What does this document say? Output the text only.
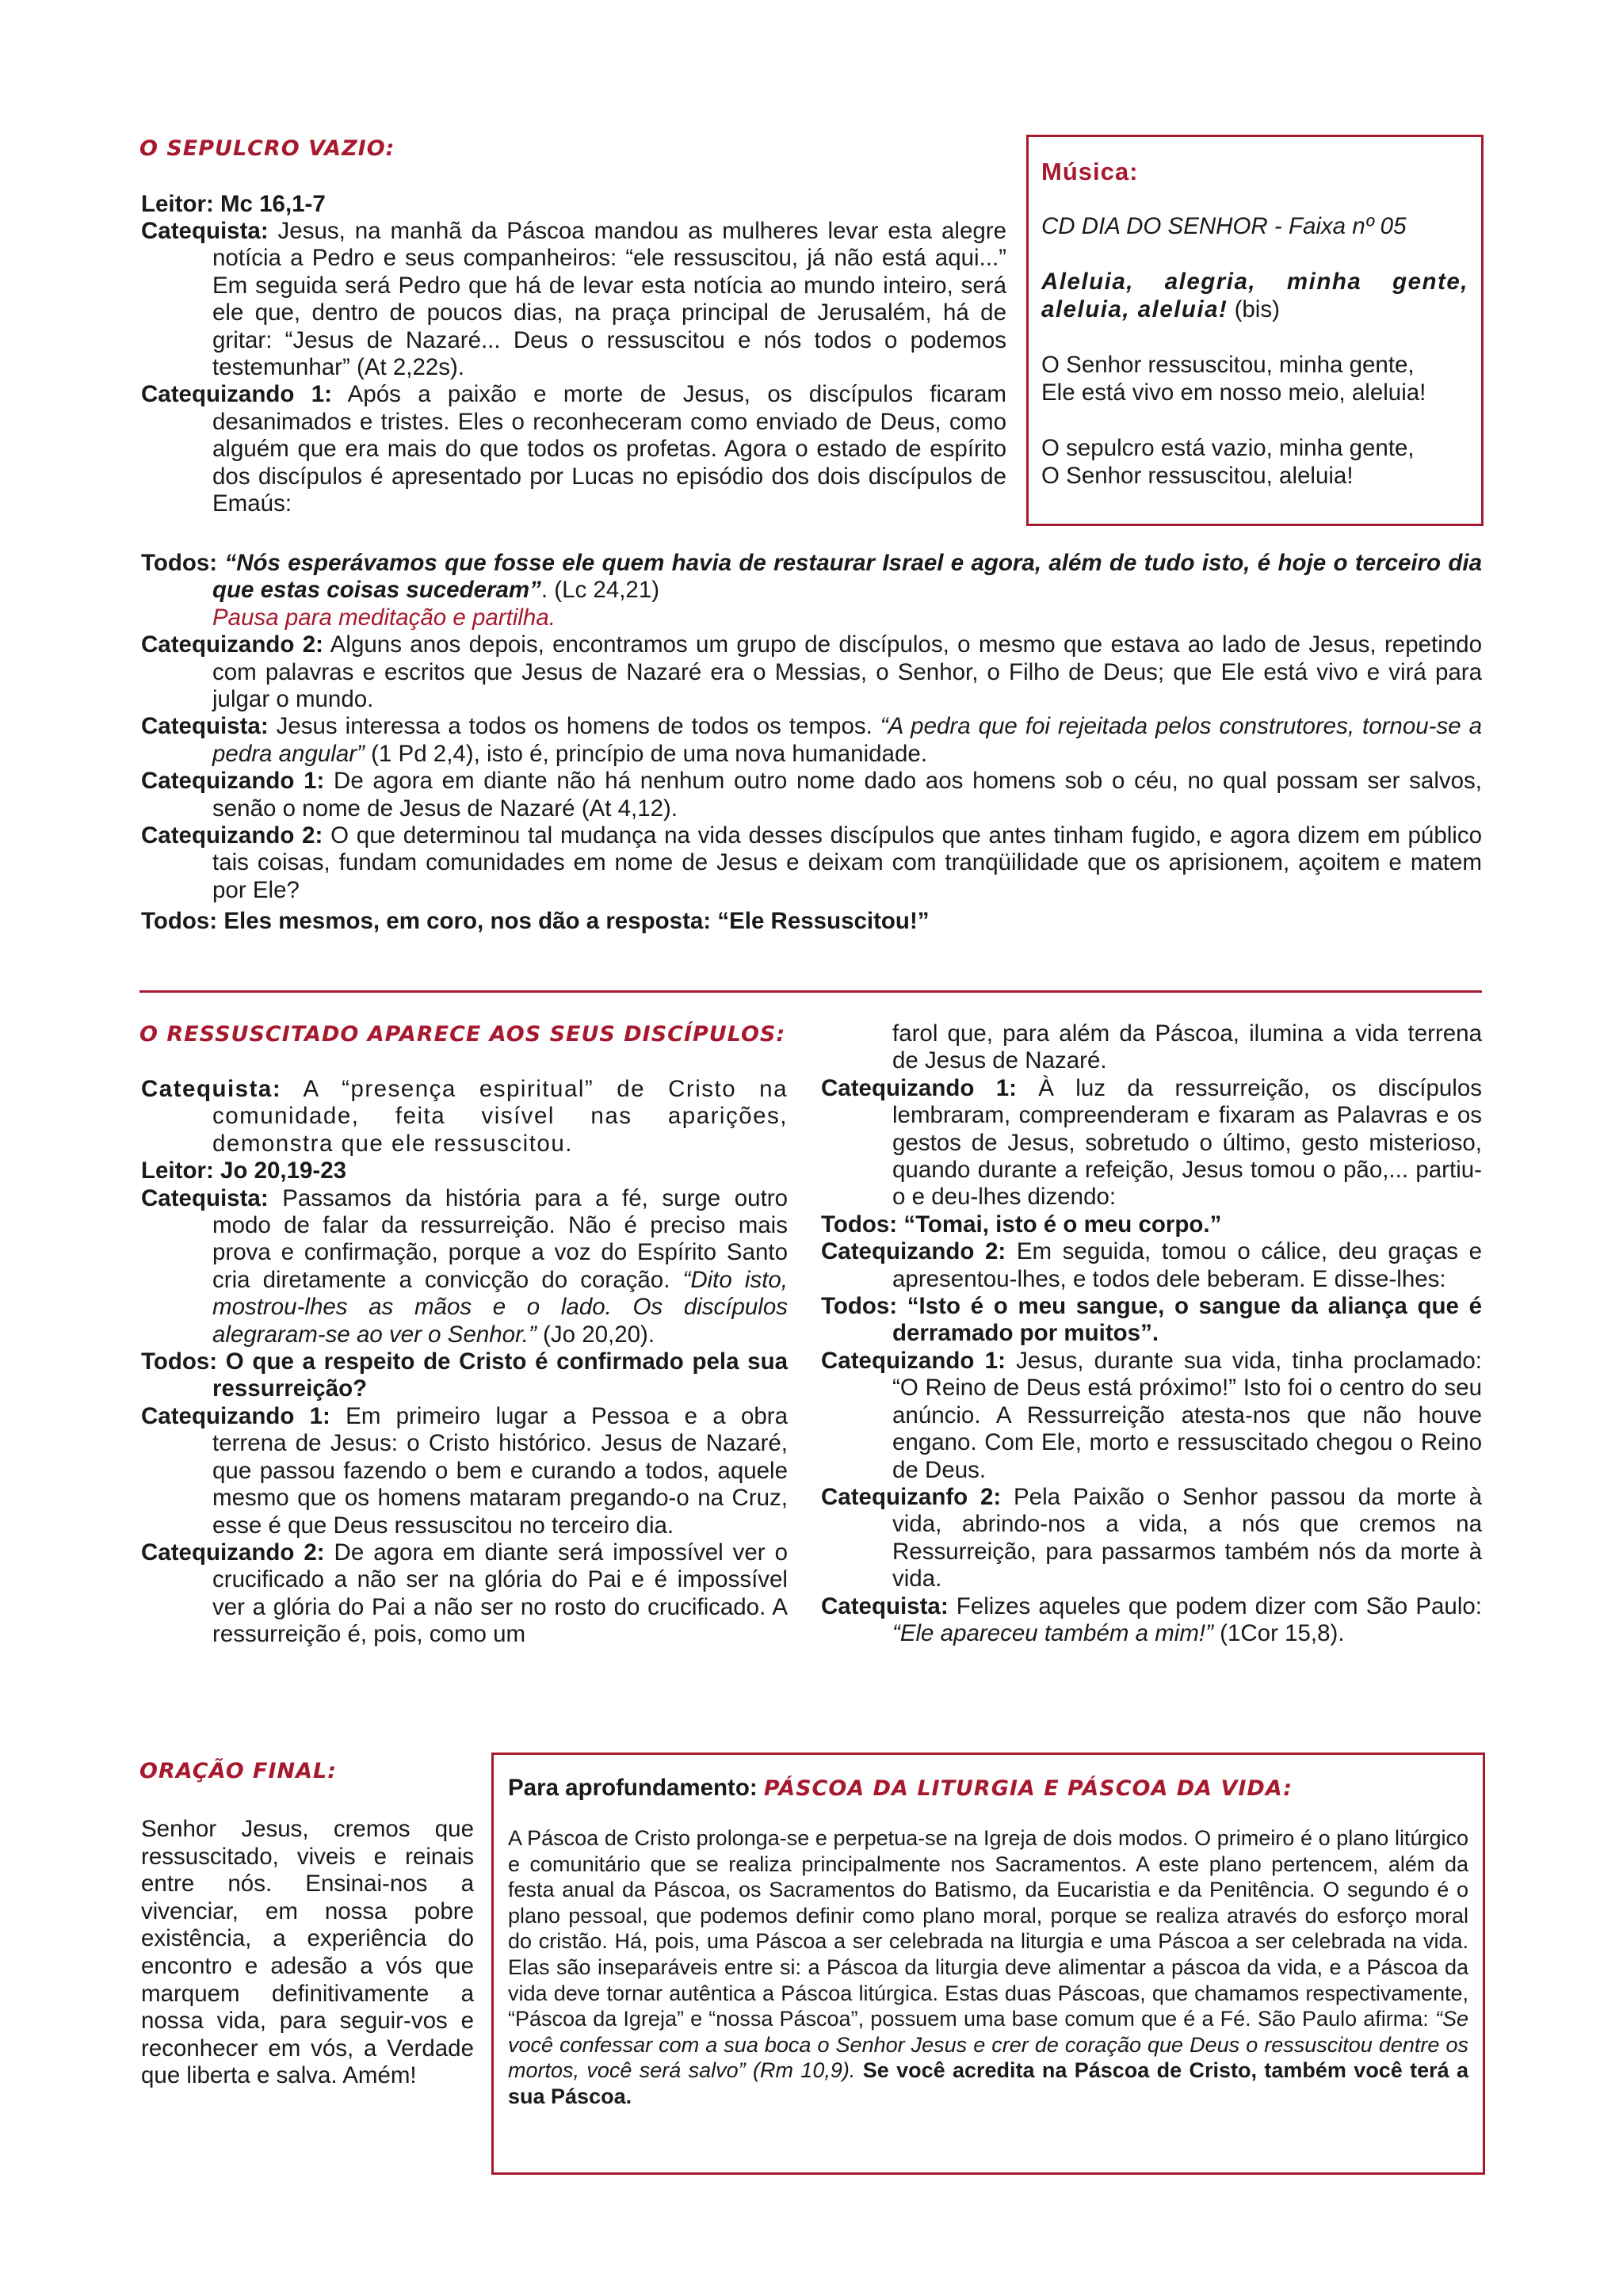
O SEPULCRO VAZIO:

Leitor: Mc 16,1-7

Catequista: Jesus, na manhã da Páscoa mandou as mulheres levar esta alegre notícia a Pedro e seus companheiros: “ele ressuscitou, já não está aqui...” Em seguida será Pedro que há de levar esta notícia ao mundo inteiro, será ele que, dentro de poucos dias, na praça principal de Jerusalém, há de gritar: “Jesus de Nazaré... Deus o ressuscitou e nós todos o podemos testemunhar” (At 2,22s).

Catequizando 1: Após a paixão e morte de Jesus, os discípulos ficaram desanimados e tristes. Eles o reconheceram como enviado de Deus, como alguém que era mais do que todos os profetas. Agora o estado de espírito dos discípulos é apresentado por Lucas no episódio dos dois discípulos de Emaús:

Todos: “Nós esperávamos que fosse ele quem havia de restaurar Israel e agora, além de tudo isto, é hoje o terceiro dia que estas coisas sucederam”. (Lc 24,21)
Pausa para meditação e partilha.

Catequizando 2: Alguns anos depois, encontramos um grupo de discípulos, o mesmo que estava ao lado de Jesus, repetindo com palavras e escritos que Jesus de Nazaré era o Messias, o Senhor, o Filho de Deus; que Ele está vivo e virá para julgar o mundo.

Catequista: Jesus interessa a todos os homens de todos os tempos. “A pedra que foi rejeitada pelos construtores, tornou-se a pedra angular” (1 Pd 2,4), isto é, princípio de uma nova humanidade.

Catequizando 1: De agora em diante não há nenhum outro nome dado aos homens sob o céu, no qual possam ser salvos, senão o nome de Jesus de Nazaré (At 4,12).

Catequizando 2: O que determinou tal mudança na vida desses discípulos que antes tinham fugido, e agora dizem em público tais coisas, fundam comunidades em nome de Jesus e deixam com tranqüilidade que os aprisionem, açoitem e matem por Ele?

Todos: Eles mesmos, em coro, nos dão a resposta: “Ele Ressuscitou!”

Música:

CD DIA DO SENHOR - Faixa nº 05

Aleluia, alegria, minha gente, aleluia, aleluia! (bis)

O Senhor ressuscitou, minha gente,

Ele está vivo em nosso meio, aleluia!

O sepulcro está vazio, minha gente,

O Senhor ressuscitou, aleluia!

O RESSUSCITADO APARECE AOS SEUS DISCÍPULOS:

Catequista: A “presença espiritual” de Cristo na comunidade, feita visível nas aparições, demonstra que ele ressuscitou.

Leitor: Jo 20,19-23

Catequista: Passamos da história para a fé, surge outro modo de falar da ressurreição. Não é preciso mais prova e confirmação, porque a voz do Espírito Santo cria diretamente a convicção do coração. “Dito isto, mostrou-lhes as mãos e o lado. Os discípulos alegraram-se ao ver o Senhor.” (Jo 20,20).

Todos: O que a respeito de Cristo é confirmado pela sua ressurreição?

Catequizando 1: Em primeiro lugar a Pessoa e a obra terrena de Jesus: o Cristo histórico. Jesus de Nazaré, que passou fazendo o bem e curando a todos, aquele mesmo que os homens mataram pregando-o na Cruz, esse é que Deus ressuscitou no terceiro dia.

Catequizando 2: De agora em diante será impossível ver o crucificado a não ser na glória do Pai e é impossível ver a glória do Pai a não ser no rosto do crucificado. A ressurreição é, pois, como um

farol que, para além da Páscoa, ilumina a vida terrena de Jesus de Nazaré.

Catequizando 1: À luz da ressurreição, os discípulos lembraram, compreenderam e fixaram as Palavras e os gestos de Jesus, sobretudo o último, gesto misterioso, quando durante a refeição, Jesus tomou o pão,... partiu-o e deu-lhes dizendo:

Todos: “Tomai, isto é o meu corpo.”

Catequizando 2: Em seguida, tomou o cálice, deu graças e apresentou-lhes, e todos dele beberam. E disse-lhes:

Todos: “Isto é o meu sangue, o sangue da aliança que é derramado por muitos”.

Catequizando 1: Jesus, durante sua vida, tinha proclamado: “O Reino de Deus está próximo!” Isto foi o centro do seu anúncio. A Ressurreição atesta-nos que não houve engano. Com Ele, morto e ressuscitado chegou o Reino de Deus.

Catequizanfo 2: Pela Paixão o Senhor passou da morte à vida, abrindo-nos a vida, a nós que cremos na Ressurreição, para passarmos também nós da morte à vida.

Catequista: Felizes aqueles que podem dizer com São Paulo: “Ele apareceu também a mim!” (1Cor 15,8).

ORAÇÃO FINAL:

Senhor Jesus, cremos que ressuscitado, viveis e reinais entre nós. Ensinai-nos a vivenciar, em nossa pobre existência, a experiência do encontro e adesão a vós que marquem definitivamente a nossa vida, para seguir-vos e reconhecer em vós, a Verdade que liberta e salva. Amém!

Para aprofundamento: PÁSCOA DA LITURGIA E PÁSCOA DA VIDA:

A Páscoa de Cristo prolonga-se e perpetua-se na Igreja de dois modos. O primeiro é o plano litúrgico e comunitário que se realiza principalmente nos Sacramentos. A este plano pertencem, além da festa anual da Páscoa, os Sacramentos do Batismo, da Eucaristia e da Penitência. O segundo é o plano pessoal, que podemos definir como plano moral, porque se realiza através do esforço moral do cristão. Há, pois, uma Páscoa a ser celebrada na liturgia e uma Páscoa a ser celebrada na vida. Elas são inseparáveis entre si: a Páscoa da liturgia deve alimentar a páscoa da vida, e a Páscoa da vida deve tornar autêntica a Páscoa litúrgica. Estas duas Páscoas, que chamamos respectivamente, “Páscoa da Igreja” e “nossa Páscoa”, possuem uma base comum que é a Fé. São Paulo afirma: “Se você confessar com a sua boca o Senhor Jesus e crer de coração que Deus o ressuscitou dentre os mortos, você será salvo” (Rm 10,9). Se você acredita na Páscoa de Cristo, também você terá a sua Páscoa.
